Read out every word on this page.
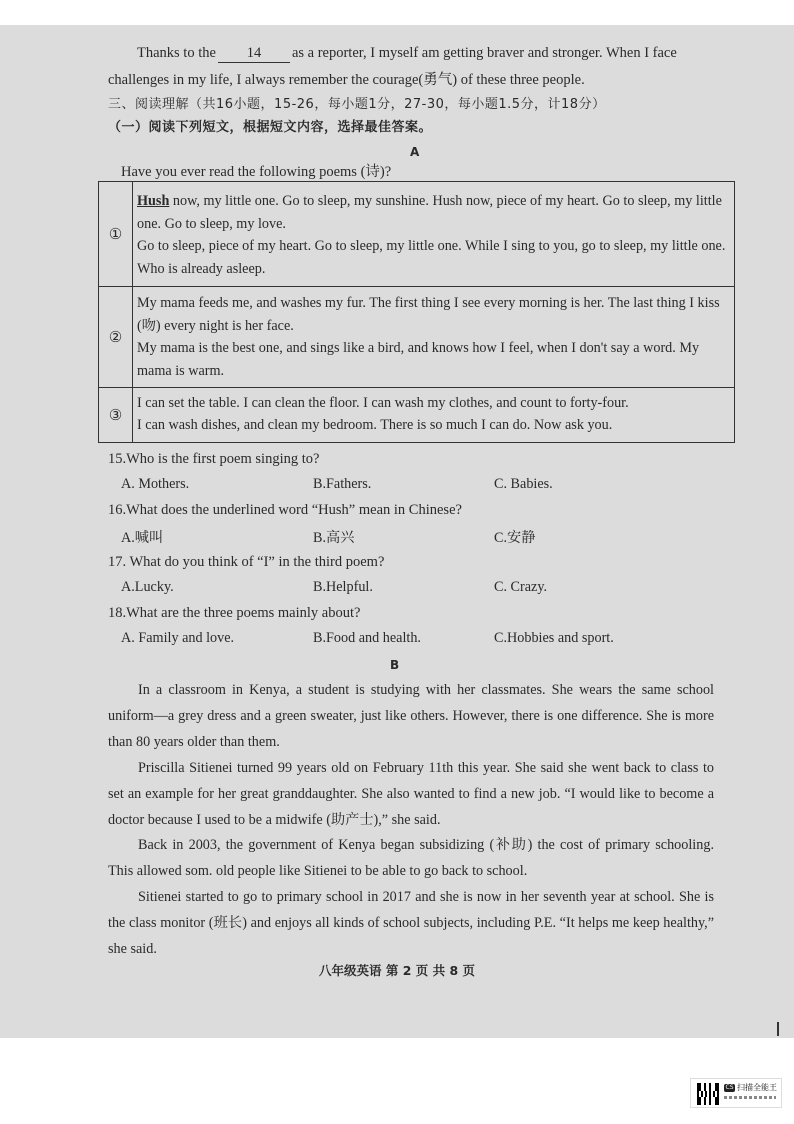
Thanks to the 14 as a reporter, I myself am getting braver and stronger. When I face
challenges in my life, I always remember the courage(勇气) of these three people.
三、阅读理解（共16小题，15-26，每小题1分，27-30，每小题1.5分，计18分）
（一）阅读下列短文，根据短文内容，选择最佳答案。
A
Have you ever read the following poems (诗)?
①
Hush now, my little one. Go to sleep, my sunshine. Hush now, piece of my heart. Go to sleep, my little one. Go to sleep, my love.
Go to sleep, piece of my heart. Go to sleep, my little one. While I sing to you, go to sleep, my little one. Who is already asleep.
②
My mama feeds me, and washes my fur. The first thing I see every morning is her. The last thing I kiss (吻) every night is her face.
My mama is the best one, and sings like a bird, and knows how I feel, when I don't say a word. My mama is warm.
③
I can set the table. I can clean the floor. I can wash my clothes, and count to forty-four.
I can wash dishes, and clean my bedroom. There is so much I can do. Now ask you.
15.Who is the first poem singing to?
A. Mothers.	B.Fathers.	C. Babies.
16.What does the underlined word “Hush” mean in Chinese?
A.喊叫	B.高兴	C.安静
17. What do you think of “I” in the third poem?
A.Lucky.	B.Helpful.	C. Crazy.
18.What are the three poems mainly about?
A. Family and love.	B.Food and health.	C.Hobbies and sport.
B
In a classroom in Kenya, a student is studying with her classmates. She wears the same school uniform—a grey dress and a green sweater, just like others. However, there is one difference. She is more than 80 years older than them.
Priscilla Sitienei turned 99 years old on February 11th this year. She said she went back to class to set an example for her great granddaughter. She also wanted to find a new job. “I would like to become a doctor because I used to be a midwife (助产士),” she said.
Back in 2003, the government of Kenya began subsidizing (补助) the cost of primary schooling. This allowed som. old people like Sitienei to be able to go back to school.
Sitienei started to go to primary school in 2017 and she is now in her seventh year at school. She is the class monitor (班长) and enjoys all kinds of school subjects, including P.E. “It helps me keep healthy,” she said.
八年级英语 第 2 页 共 8 页
CS 扫描全能王
